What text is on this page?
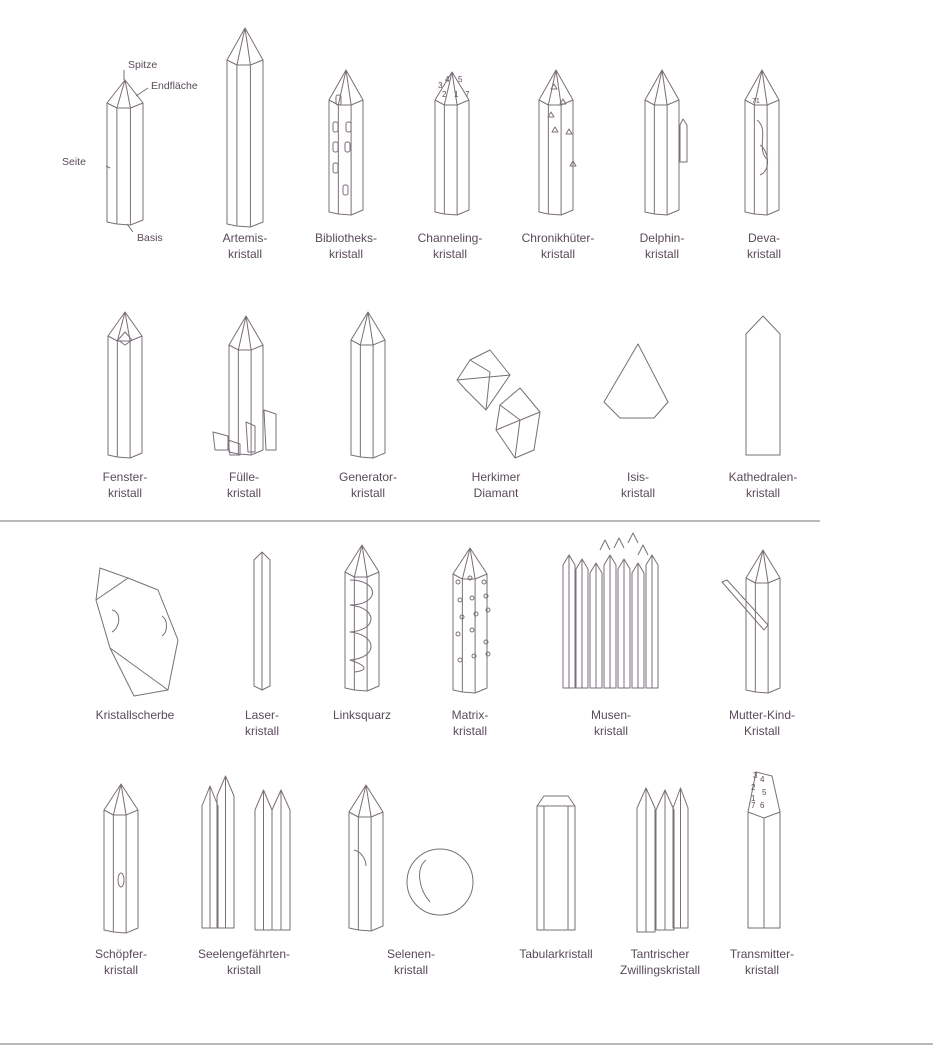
3
4 5
2 1 7
71
3 4
2
5
1
7 6
Spitze
Endfläche
Seite
Basis	Artemis-
kristall
Bibliotheks-
kristall
Channeling-
kristall
Chronikhüter-
kristall
Delphin-
kristall
Deva-
kristall
Fenster-
kristall
Fülle-
kristall
Generator-
kristall
Herkimer
Diamant
Isis-
kristall
Kathedralen-
kristall
Kristallscherbe	Laser-
kristall
Linksquarz	Matrix-
kristall
Musen-
kristall
Mutter-Kind-
Kristall
Schöpfer-
kristall
Seelengefährten-
kristall
Selenen-
kristall
Tabularkristall	Tantrischer
Zwillingskristall
Transmitter-
kristall
